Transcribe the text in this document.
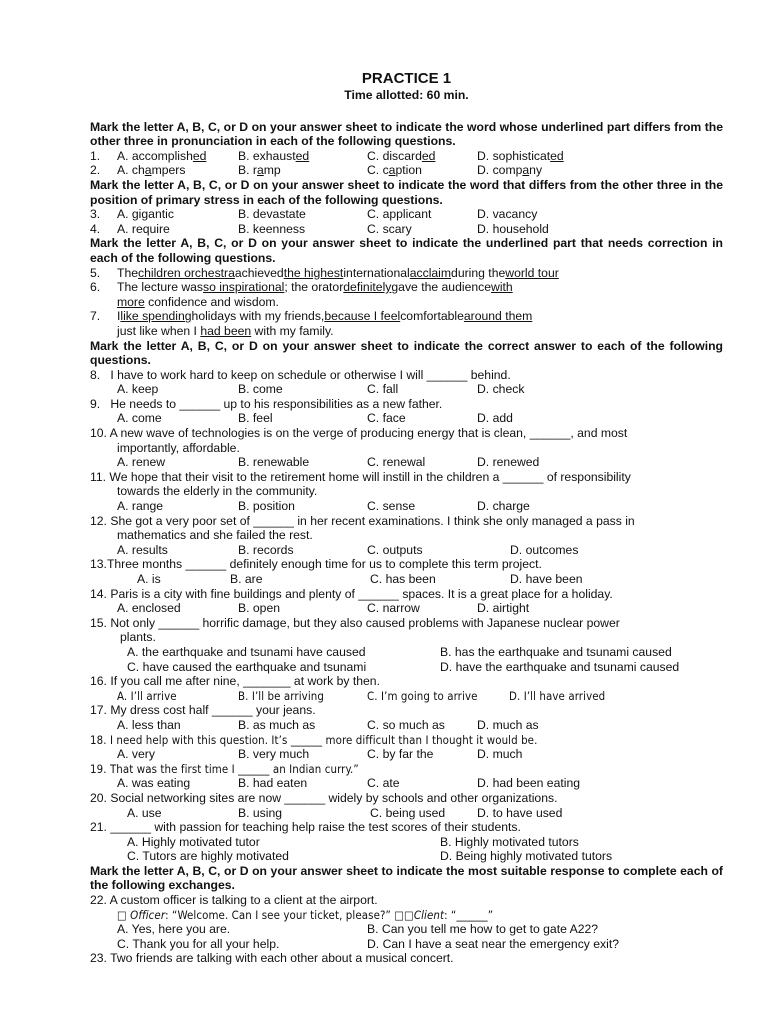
PRACTICE 1

Time allotted: 60 min.

Mark the letter A, B, C, or D on your answer sheet to indicate the word whose underlined part differs from the other three in pronunciation in each of the following questions.

1.	A. accomplished	B. exhausted	C. discarded	D. sophisticated
2.	A. champers	B. ramp	C. caption	D. company

Mark the letter A, B, C, or D on your answer sheet to indicate the word that differs from the other three in the position of primary stress in each of the following questions.

3.	A. gigantic	B. devastate	C. applicant	D. vacancy
4.	A. require	B. keenness	C. scary	D. household

Mark the letter A, B, C, or D on your answer sheet to indicate the underlined part that needs correction in each of the following questions.

5.	Thechildren orchestraachievedthe highestinternationalacclaimduring theworld tour
6.	The lecture wasso inspirational; the oratordefinitelygave the audiencewith

more confidence and wisdom.

7.	Ilike spendingholidays with my friends,because I feelcomfortablearound them

just like when I had been with my family.

Mark the letter A, B, C, or D on your answer sheet to indicate the correct answer to each of the following questions.

8.   I have to work hard to keep on schedule or otherwise I will ______ behind.

A. keep	B. come	C. fall	D. check

9.   He needs to ______ up to his responsibilities as a new father.

A. come	B. feel	C. face	D. add

10. A new wave of technologies is on the verge of producing energy that is clean, ______, and most

importantly, affordable.

A. renew	B. renewable	C. renewal	D. renewed

11. We hope that their visit to the retirement home will instill in the children a ______ of responsibility

towards the elderly in the community.

A. range	B. position	C. sense	D. charge

12. She got a very poor set of ______ in her recent examinations. I think she only managed a pass in

mathematics and she failed the rest.

A. results	B. records	C. outputs	D. outcomes

13.Three months ______ definitely enough time for us to complete this term project.

A. is	B. are	C. has been	D. have been

14. Paris is a city with fine buildings and plenty of ______ spaces. It is a great place for a holiday.

A. enclosed	B. open	C. narrow	D. airtight

15. Not only ______ horrific damage, but they also caused problems with Japanese nuclear power

plants.

A. the earthquake and tsunami have caused	B. has the earthquake and tsunami caused
C. have caused the earthquake and tsunami	D. have the earthquake and tsunami caused

16. If you call me after nine, _______ at work by then.

A. I’ll arrive	B. I’ll be arriving	C. I’m going to arrive	D. I’ll have arrived

17. My dress cost half ______ your jeans.

A. less than	B. as much as	C. so much as	D. much as

18. I need help with this question. It’s ______ more difficult than I thought it would be.

A. very	B. very much	C. by far the	D. much

19. That was the first time I ______ an Indian curry.”

A. was eating	B. had eaten	C. ate	D. had been eating

20. Social networking sites are now ______ widely by schools and other organizations.

A. use	B. using	C. being used	D. to have used

21. ______ with passion for teaching help raise the test scores of their students.

A. Highly motivated tutor	B. Highly motivated tutors
C. Tutors are highly motivated	D. Being highly motivated tutors

Mark the letter A, B, C, or D on your answer sheet to indicate the most suitable response to complete each of the following exchanges.

22. A custom officer is talking to a client at the airport.

□ Officer: “Welcome. Can I see your ticket, please?” □□Client: “______”

A. Yes, here you are.	B. Can you tell me how to get to gate A22?
C. Thank you for all your help.	D. Can I have a seat near the emergency exit?

23. Two friends are talking with each other about a musical concert.
